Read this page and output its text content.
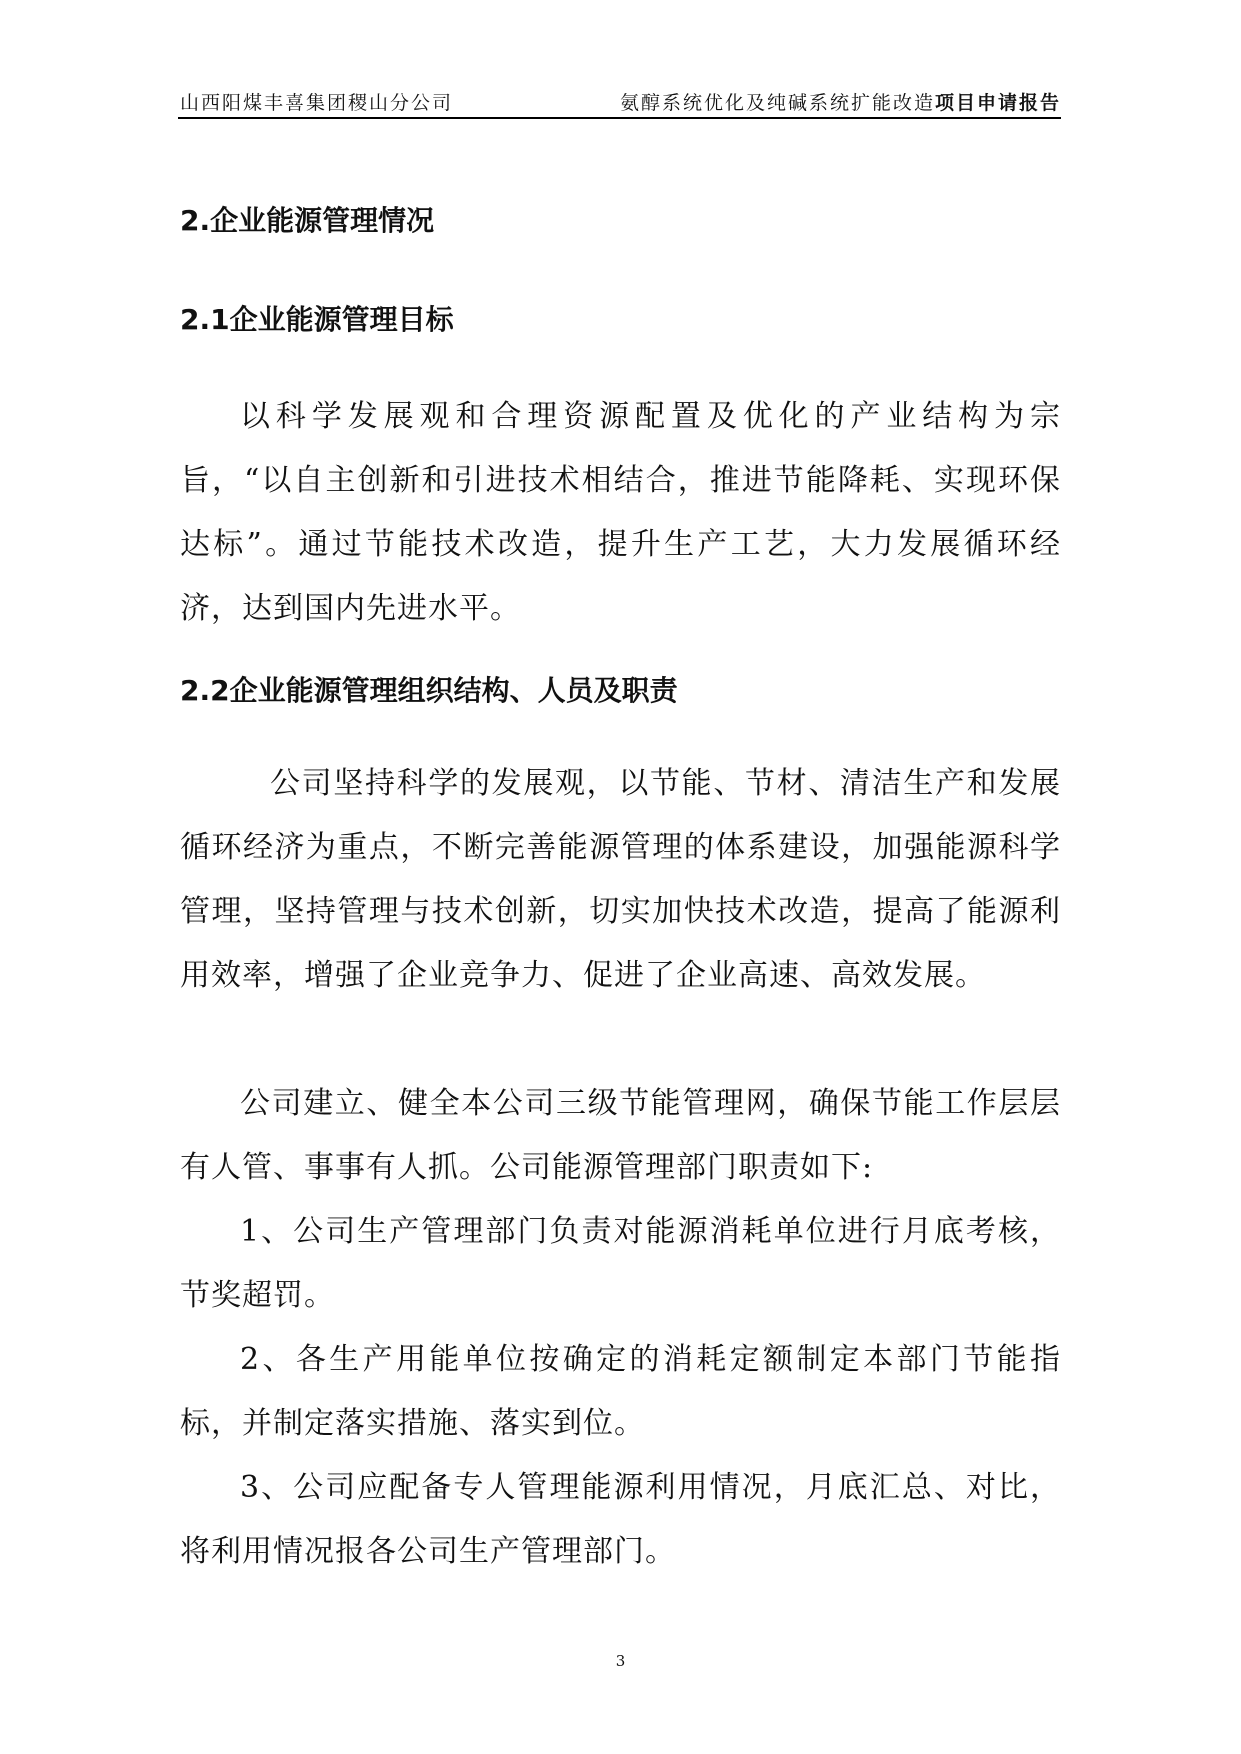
山西阳煤丰喜集团稷山分公司	氨醇系统优化及纯碱系统扩能改造项目申请报告
2.企业能源管理情况
2.1企业能源管理目标
以科学发展观和合理资源配置及优化的产业结构为宗旨，“以自主创新和引进技术相结合，推进节能降耗、实现环保达标”。通过节能技术改造，提升生产工艺，大力发展循环经济，达到国内先进水平。
2.2企业能源管理组织结构、人员及职责
公司坚持科学的发展观，以节能、节材、清洁生产和发展循环经济为重点，不断完善能源管理的体系建设，加强能源科学管理，坚持管理与技术创新，切实加快技术改造，提高了能源利用效率，增强了企业竞争力、促进了企业高速、高效发展。
公司建立、健全本公司三级节能管理网，确保节能工作层层有人管、事事有人抓。公司能源管理部门职责如下:
1、公司生产管理部门负责对能源消耗单位进行月底考核，节奖超罚。
2、各生产用能单位按确定的消耗定额制定本部门节能指标，并制定落实措施、落实到位。
3、公司应配备专人管理能源利用情况，月底汇总、对比，将利用情况报各公司生产管理部门。
3
